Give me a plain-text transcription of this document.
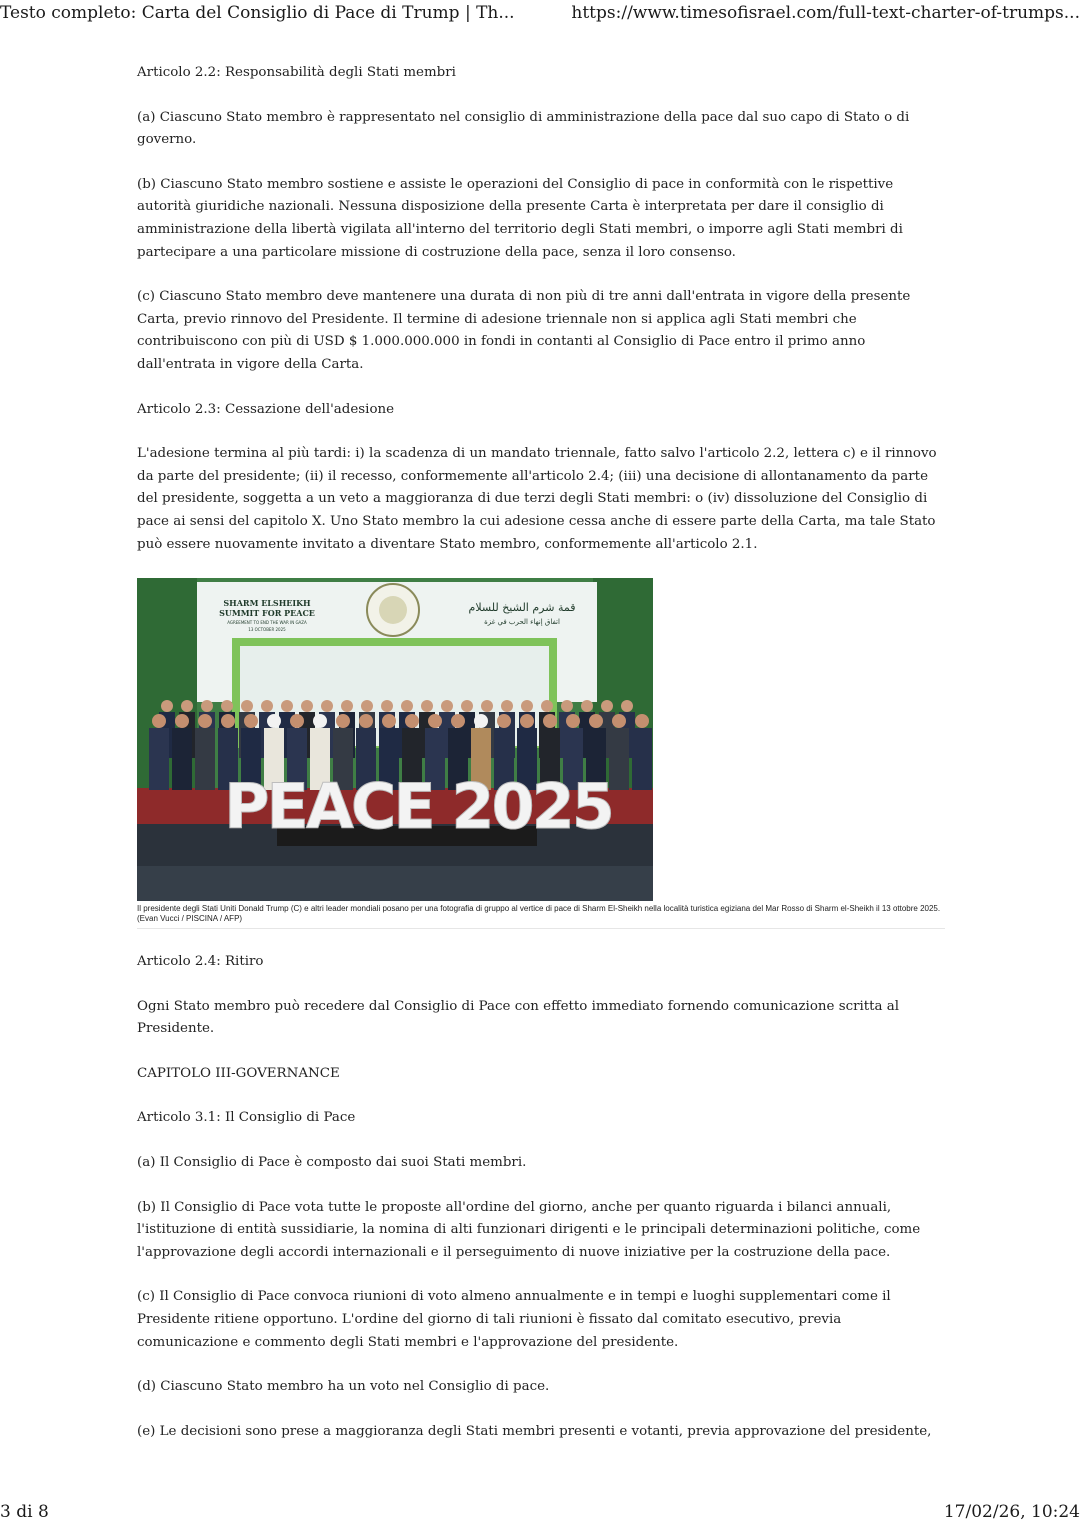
Testo completo: Carta del Consiglio di Pace di Trump | Th...	https://www.timesofisrael.com/full-text-charter-of-trumps...

Articolo 2.2: Responsabilità degli Stati membri

(a) Ciascuno Stato membro è rappresentato nel consiglio di amministrazione della pace dal suo capo di Stato o di governo.

(b) Ciascuno Stato membro sostiene e assiste le operazioni del Consiglio di pace in conformità con le rispettive autorità giuridiche nazionali. Nessuna disposizione della presente Carta è interpretata per dare il consiglio di amministrazione della libertà vigilata all'interno del territorio degli Stati membri, o imporre agli Stati membri di partecipare a una particolare missione di costruzione della pace, senza il loro consenso.

(c) Ciascuno Stato membro deve mantenere una durata di non più di tre anni dall'entrata in vigore della presente Carta, previo rinnovo del Presidente. Il termine di adesione triennale non si applica agli Stati membri che contribuiscono con più di USD $ 1.000.000.000 in fondi in contanti al Consiglio di Pace entro il primo anno dall'entrata in vigore della Carta.

Articolo 2.3: Cessazione dell'adesione

L'adesione termina al più tardi: i) la scadenza di un mandato triennale, fatto salvo l'articolo 2.2, lettera c) e il rinnovo da parte del presidente; (ii) il recesso, conformemente all'articolo 2.4; (iii) una decisione di allontanamento da parte del presidente, soggetta a un veto a maggioranza di due terzi degli Stati membri: o (iv) dissoluzione del Consiglio di pace ai sensi del capitolo X. Uno Stato membro la cui adesione cessa anche di essere parte della Carta, ma tale Stato può essere nuovamente invitato a diventare Stato membro, conformemente all'articolo 2.1.

SHARM ELSHEIKH
SUMMIT FOR PEACE
AGREEMENT TO END THE WAR IN GAZA
13 OCTOBER 2025
قمة شرم الشيخ للسلام
اتفاق إنهاء الحرب في غزة
PEACE 2025
Il presidente degli Stati Uniti Donald Trump (C) e altri leader mondiali posano per una fotografia di gruppo al vertice di pace di Sharm El-Sheikh nella località turistica egiziana del Mar Rosso di Sharm el-Sheikh il 13 ottobre 2025. (Evan Vucci / PISCINA / AFP)

Articolo 2.4: Ritiro

Ogni Stato membro può recedere dal Consiglio di Pace con effetto immediato fornendo comunicazione scritta al Presidente.

CAPITOLO III-GOVERNANCE

Articolo 3.1: Il Consiglio di Pace

(a) Il Consiglio di Pace è composto dai suoi Stati membri.

(b) Il Consiglio di Pace vota tutte le proposte all'ordine del giorno, anche per quanto riguarda i bilanci annuali, l'istituzione di entità sussidiarie, la nomina di alti funzionari dirigenti e le principali determinazioni politiche, come l'approvazione degli accordi internazionali e il perseguimento di nuove iniziative per la costruzione della pace.

(c) Il Consiglio di Pace convoca riunioni di voto almeno annualmente e in tempi e luoghi supplementari come il Presidente ritiene opportuno. L'ordine del giorno di tali riunioni è fissato dal comitato esecutivo, previa comunicazione e commento degli Stati membri e l'approvazione del presidente.

(d) Ciascuno Stato membro ha un voto nel Consiglio di pace.

(e) Le decisioni sono prese a maggioranza degli Stati membri presenti e votanti, previa approvazione del presidente,

3 di 8	17/02/26, 10:24
